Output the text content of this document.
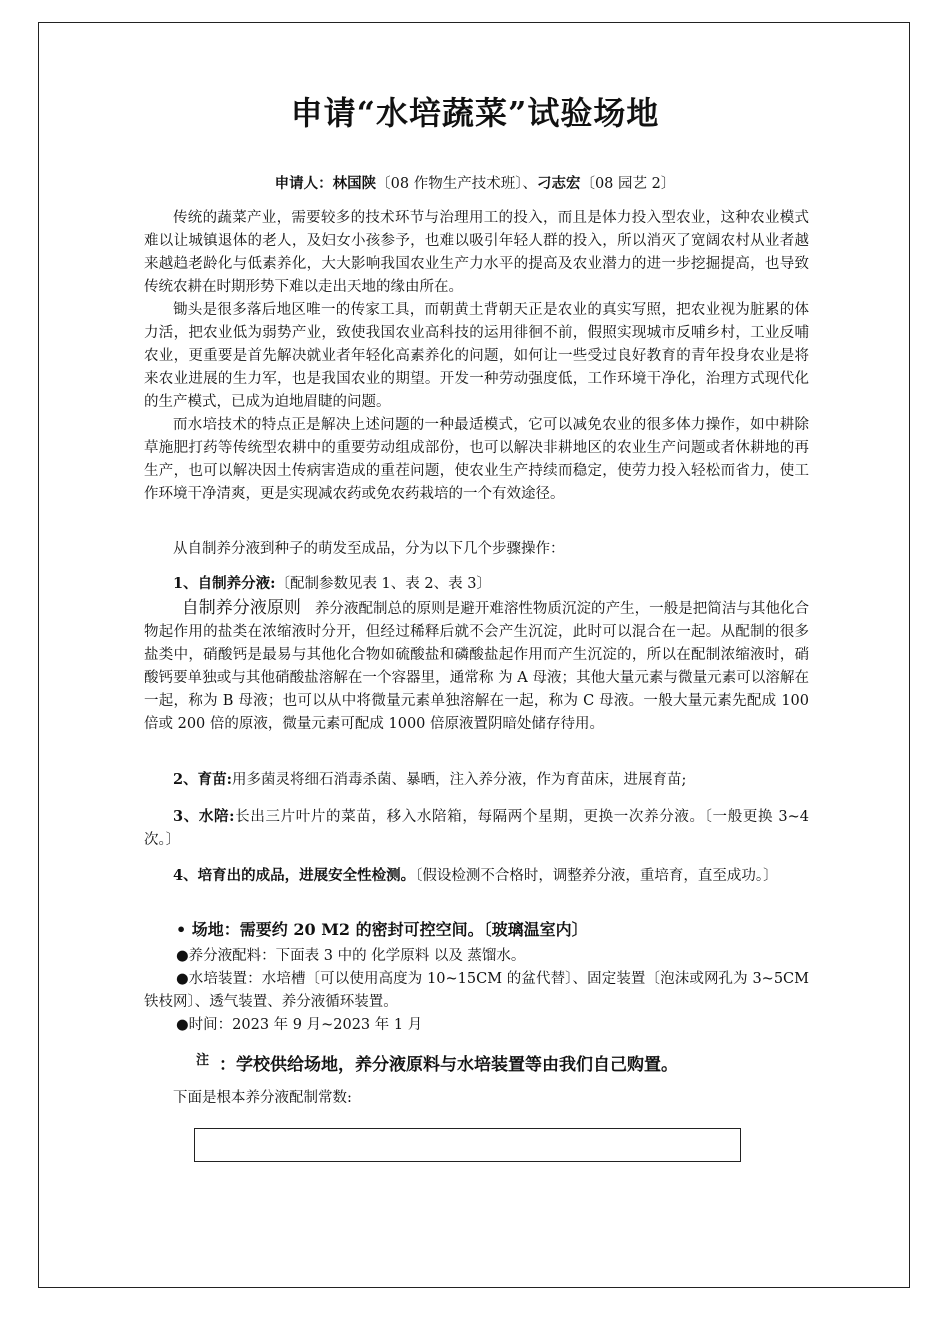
申请“水培蔬菜”试验场地
申请人：林国陕〔08 作物生产技术班〕、刁志宏〔08 园艺 2〕

传统的蔬菜产业，需要较多的技术环节与治理用工的投入，而且是体力投入型农业，这种农业模式难以让城镇退体的老人，及妇女小孩参予，也难以吸引年轻人群的投入，所以消灭了宽阔农村从业者越来越趋老龄化与低素养化，大大影响我国农业生产力水平的提高及农业潜力的进一步挖掘提高，也导致传统农耕在时期形势下难以走出天地的缘由所在。

锄头是很多落后地区唯一的传家工具，而朝黄土背朝天正是农业的真实写照，把农业视为脏累的体力活，把农业低为弱势产业，致使我国农业高科技的运用徘徊不前，假照实现城市反哺乡村，工业反哺农业，更重要是首先解决就业者年轻化高素养化的问题，如何让一些受过良好教育的青年投身农业是将来农业进展的生力军，也是我国农业的期望。开发一种劳动强度低，工作环境干净化，治理方式现代化的生产模式，已成为迫地眉睫的问题。

而水培技术的特点正是解决上述问题的一种最适模式，它可以减免农业的很多体力操作，如中耕除草施肥打药等传统型农耕中的重要劳动组成部份，也可以解决非耕地区的农业生产问题或者休耕地的再生产，也可以解决因土传病害造成的重茬问题，使农业生产持续而稳定，使劳力投入轻松而省力，使工作环境干净清爽，更是实现减农药或免农药栽培的一个有效途径。

从自制养分液到种子的萌发至成品，分为以下几个步骤操作：

1、自制养分液:〔配制参数见表 1、表 2、表 3〕

自制养分液原则 养分液配制总的原则是避开难溶性物质沉淀的产生，一般是把简洁与其他化合物起作用的盐类在浓缩液时分开，但经过稀释后就不会产生沉淀，此时可以混合在一起。从配制的很多盐类中，硝酸钙是最易与其他化合物如硫酸盐和磷酸盐起作用而产生沉淀的，所以在配制浓缩液时，硝酸钙要单独或与其他硝酸盐溶解在一个容器里，通常称 为 A 母液；其他大量元素与微量元素可以溶解在一起，称为 B 母液；也可以从中将微量元素单独溶解在一起，称为 C 母液。一般大量元素先配成 100 倍或 200 倍的原液，微量元素可配成 1000 倍原液置阴暗处储存待用。

2、育苗:用多菌灵将细石消毒杀菌、暴晒，注入养分液，作为育苗床，进展育苗;

3、水陪:长出三片叶片的菜苗，移入水陪箱，每隔两个星期，更换一次养分液。〔一般更换 3~4 次。〕

4、培育出的成品，进展安全性检测。〔假设检测不合格时，调整养分液，重培育，直至成功。〕

• 场地：需要约 20 M2 的密封可控空间。〔玻璃温室内〕

●养分液配料：下面表 3 中的 化学原料 以及 蒸馏水。

●水培装置：水培槽〔可以使用高度为 10~15CM 的盆代替〕、固定装置〔泡沫或网孔为 3~5CM 铁枝网〕、透气装置、养分液循环装置。

●时间：2023 年 9 月~2023 年 1 月

$^注$ ：学校供给场地，养分液原料与水培装置等由我们自己购置。

下面是根本养分液配制常数:
